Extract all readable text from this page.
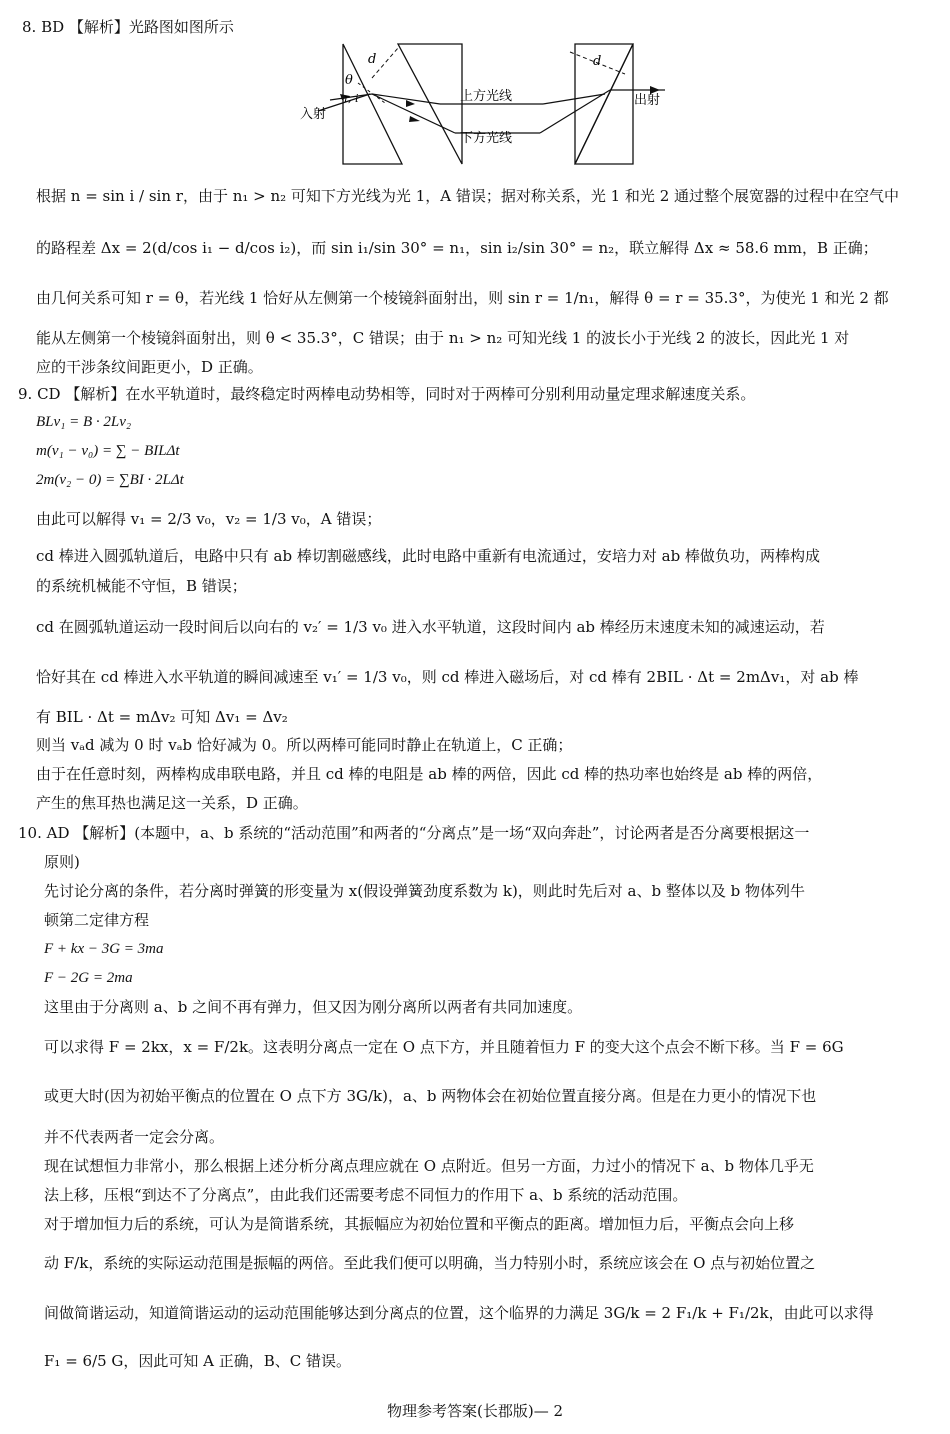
8. BD 【解析】光路图如图所示
d	d
θ
r, i	上方光线
下方光线
入射
出射
根据 n = sin i / sin r，由于 n₁ > n₂ 可知下方光线为光 1，A 错误；据对称关系，光 1 和光 2 通过整个展宽器的过程中在空气中
的路程差 Δx = 2(d/cos i₁ − d/cos i₂)，而 sin i₁/sin 30° = n₁，sin i₂/sin 30° = n₂，联立解得 Δx ≈ 58.6 mm，B 正确；
由几何关系可知 r = θ，若光线 1 恰好从左侧第一个棱镜斜面射出，则 sin r = 1/n₁，解得 θ = r = 35.3°，为使光 1 和光 2 都
能从左侧第一个棱镜斜面射出，则 θ < 35.3°，C 错误；由于 n₁ > n₂ 可知光线 1 的波长小于光线 2 的波长，因此光 1 对
应的干涉条纹间距更小，D 正确。
9. CD 【解析】在水平轨道时，最终稳定时两棒电动势相等，同时对于两棒可分别利用动量定理求解速度关系。
BLv₁ = B · 2Lv₂
m(v₁ − v₀) = ∑ − BILΔt
2m(v₂ − 0) = ∑BI · 2LΔt
由此可以解得 v₁ = 2/3 v₀，v₂ = 1/3 v₀，A 错误；
cd 棒进入圆弧轨道后，电路中只有 ab 棒切割磁感线，此时电路中重新有电流通过，安培力对 ab 棒做负功，两棒构成
的系统机械能不守恒，B 错误；
cd 在圆弧轨道运动一段时间后以向右的 v₂′ = 1/3 v₀ 进入水平轨道，这段时间内 ab 棒经历末速度未知的减速运动，若
恰好其在 cd 棒进入水平轨道的瞬间减速至 v₁′ = 1/3 v₀，则 cd 棒进入磁场后，对 cd 棒有 2BIL · Δt = 2mΔv₁，对 ab 棒
有 BIL · Δt = mΔv₂ 可知 Δv₁ = Δv₂
则当 vₐd 减为 0 时 vₐb 恰好减为 0。所以两棒可能同时静止在轨道上，C 正确；
由于在任意时刻，两棒构成串联电路，并且 cd 棒的电阻是 ab 棒的两倍，因此 cd 棒的热功率也始终是 ab 棒的两倍，
产生的焦耳热也满足这一关系，D 正确。
10. AD 【解析】(本题中，a、b 系统的“活动范围”和两者的“分离点”是一场“双向奔赴”，讨论两者是否分离要根据这一
原则)
先讨论分离的条件，若分离时弹簧的形变量为 x(假设弹簧劲度系数为 k)，则此时先后对 a、b 整体以及 b 物体列牛
顿第二定律方程
F + kx − 3G = 3ma
F − 2G = 2ma
这里由于分离则 a、b 之间不再有弹力，但又因为刚分离所以两者有共同加速度。
可以求得 F = 2kx，x = F/2k。这表明分离点一定在 O 点下方，并且随着恒力 F 的变大这个点会不断下移。当 F = 6G
或更大时(因为初始平衡点的位置在 O 点下方 3G/k)，a、b 两物体会在初始位置直接分离。但是在力更小的情况下也
并不代表两者一定会分离。
现在试想恒力非常小，那么根据上述分析分离点理应就在 O 点附近。但另一方面，力过小的情况下 a、b 物体几乎无
法上移，压根“到达不了分离点”，由此我们还需要考虑不同恒力的作用下 a、b 系统的活动范围。
对于增加恒力后的系统，可认为是简谐系统，其振幅应为初始位置和平衡点的距离。增加恒力后，平衡点会向上移
动 F/k，系统的实际运动范围是振幅的两倍。至此我们便可以明确，当力特别小时，系统应该会在 O 点与初始位置之
间做简谐运动，知道简谐运动的运动范围能够达到分离点的位置，这个临界的力满足 3G/k = 2 F₁/k + F₁/2k，由此可以求得
F₁ = 6/5 G，因此可知 A 正确，B、C 错误。
物理参考答案(长郡版)— 2
